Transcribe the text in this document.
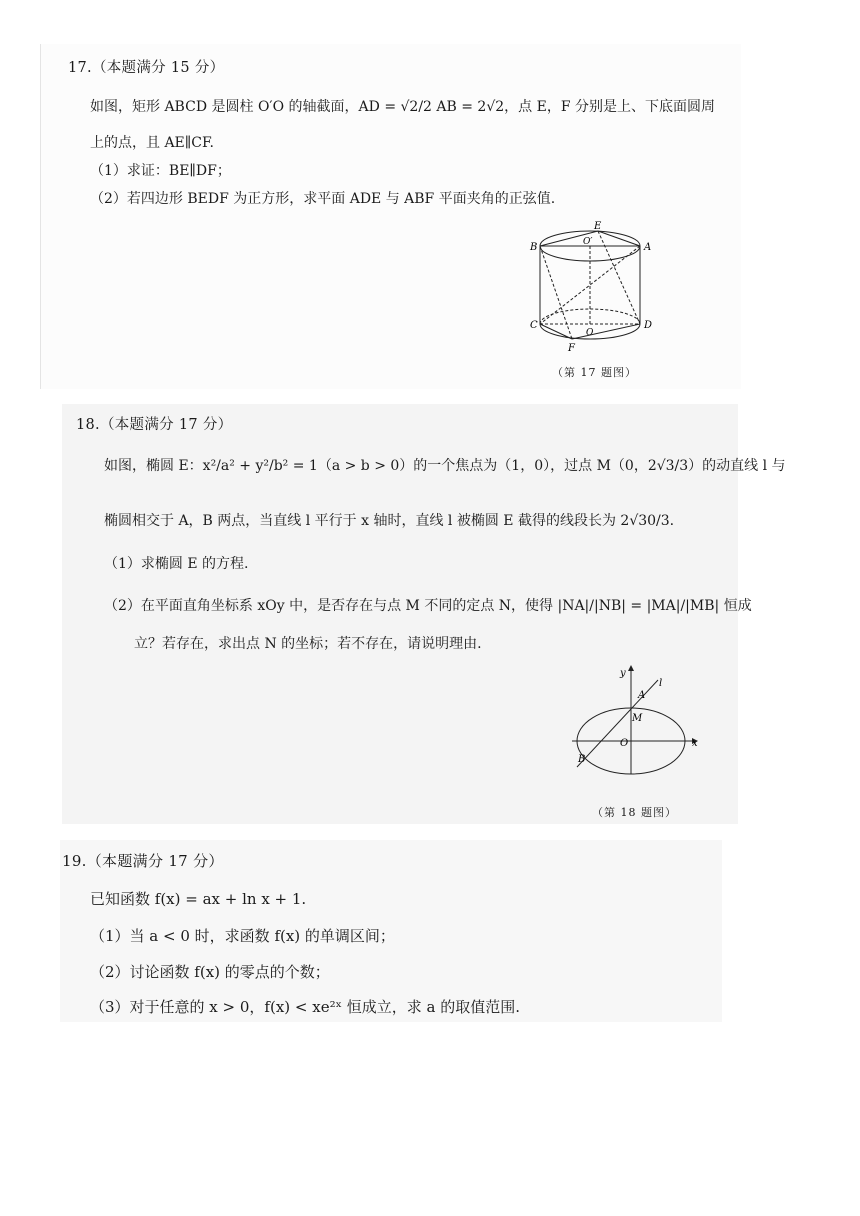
17.（本题满分 15 分）
如图，矩形 ABCD 是圆柱 O′O 的轴截面，AD = √2/2 AB = 2√2，点 E，F 分别是上、下底面圆周
上的点，且 AE∥CF.
（1）求证：BE∥DF；
（2）若四边形 BEDF 为正方形，求平面 ADE 与 ABF 平面夹角的正弦值.
E
B	A
O′
C	D
O
F
（第 17 题图）
18.（本题满分 17 分）
如图，椭圆 E：x²/a² + y²/b² = 1（a > b > 0）的一个焦点为（1，0），过点 M（0，2√3/3）的动直线 l 与
椭圆相交于 A，B 两点，当直线 l 平行于 x 轴时，直线 l 被椭圆 E 截得的线段长为 2√30/3.
（1）求椭圆 E 的方程.
（2）在平面直角坐标系 xOy 中，是否存在与点 M 不同的定点 N，使得 |NA|/|NB| = |MA|/|MB| 恒成
立？若存在，求出点 N 的坐标；若不存在，请说明理由.
y
l
A
M
O	x
B
（第 18 题图）
19.（本题满分 17 分）
已知函数 f(x) = ax + ln x + 1.
（1）当 a < 0 时，求函数 f(x) 的单调区间；
（2）讨论函数 f(x) 的零点的个数；
（3）对于任意的 x > 0，f(x) < xe²ˣ 恒成立，求 a 的取值范围.
